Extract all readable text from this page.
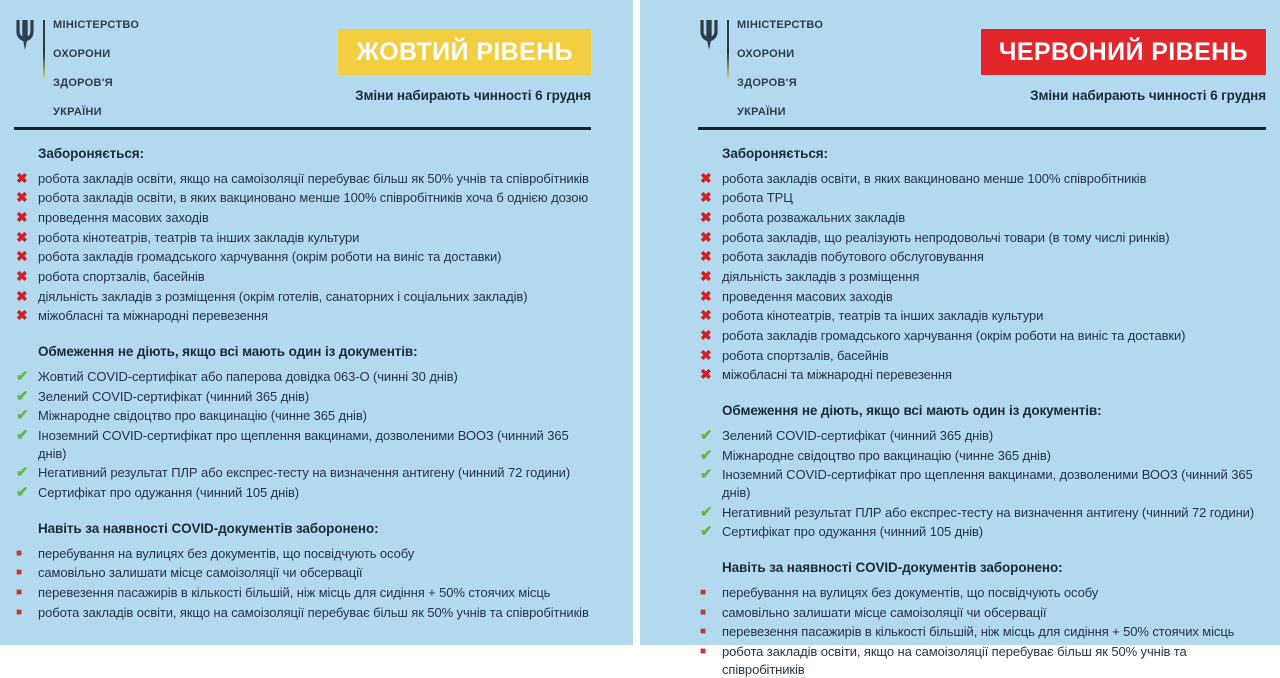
МІНІСТЕРСТВО

ОХОРОНИ

ЗДОРОВ'Я

УКРАЇНИ

ЖОВТИЙ РІВЕНЬ
Зміни набирають чинності 6 грудня
Забороняється:
✖ робота закладів освіти, якщо на самоізоляції перебуває більш як 50% учнів та співробітників
✖ робота закладів освіти, в яких вакциновано менше 100% співробітників хоча б однією дозою
✖ проведення масових заходів
✖ робота кінотеатрів, театрів та інших закладів культури
✖ робота закладів громадського харчування (окрім роботи на виніс та доставки)
✖ робота спортзалів, басейнів
✖ діяльність закладів з розміщення (окрім готелів, санаторних і соціальних закладів)
✖ міжобласні та міжнародні перевезення
Обмеження не діють, якщо всі мають один із документів:
✔ Жовтий COVID-сертифікат або паперова довідка 063-О (чинні 30 днів)
✔ Зелений COVID-сертифікат (чинний 365 днів)
✔ Міжнародне свідоцтво про вакцинацію (чинне 365 днів)
✔ Іноземний COVID-сертифікат про щеплення вакцинами, дозволеними ВООЗ (чинний 365 днів)
✔ Негативний результат ПЛР або експрес-тесту на визначення антигену (чинний 72 години)
✔ Сертифікат про одужання (чинний 105 днів)
Навіть за наявності COVID-документів заборонено:
■	перебування на вулицях без документів, що посвідчують особу
■	самовільно залишати місце самоізоляції чи обсервації
■	перевезення пасажирів в кількості більшій, ніж місць для сидіння + 50% стоячих місць
■	робота закладів освіти, якщо на самоізоляції перебуває більш як 50% учнів та співробітників
МІНІСТЕРСТВО

ОХОРОНИ

ЗДОРОВ'Я

УКРАЇНИ

ЧЕРВОНИЙ РІВЕНЬ
Зміни набирають чинності 6 грудня
Забороняється:
✖ робота закладів освіти, в яких вакциновано менше 100% співробітників
✖ робота ТРЦ
✖ робота розважальних закладів
✖ робота закладів, що реалізують непродовольчі товари (в тому числі ринків)
✖ робота закладів побутового обслуговування
✖ діяльність закладів з розміщення
✖ проведення масових заходів
✖ робота кінотеатрів, театрів та інших закладів культури
✖ робота закладів громадського харчування (окрім роботи на виніс та доставки)
✖ робота спортзалів, басейнів
✖ міжобласні та міжнародні перевезення
Обмеження не діють, якщо всі мають один із документів:
✔ Зелений COVID-сертифікат (чинний 365 днів)
✔ Міжнародне свідоцтво про вакцинацію (чинне 365 днів)
✔ Іноземний COVID-сертифікат про щеплення вакцинами, дозволеними ВООЗ (чинний 365 днів)
✔ Негативний результат ПЛР або експрес-тесту на визначення антигену (чинний 72 години)
✔ Сертифікат про одужання (чинний 105 днів)
Навіть за наявності COVID-документів заборонено:
■	перебування на вулицях без документів, що посвідчують особу
■	самовільно залишати місце самоізоляції чи обсервації
■	перевезення пасажирів в кількості більшій, ніж місць для сидіння + 50% стоячих місць
■	робота закладів освіти, якщо на самоізоляції перебуває більш як 50% учнів та співробітників
